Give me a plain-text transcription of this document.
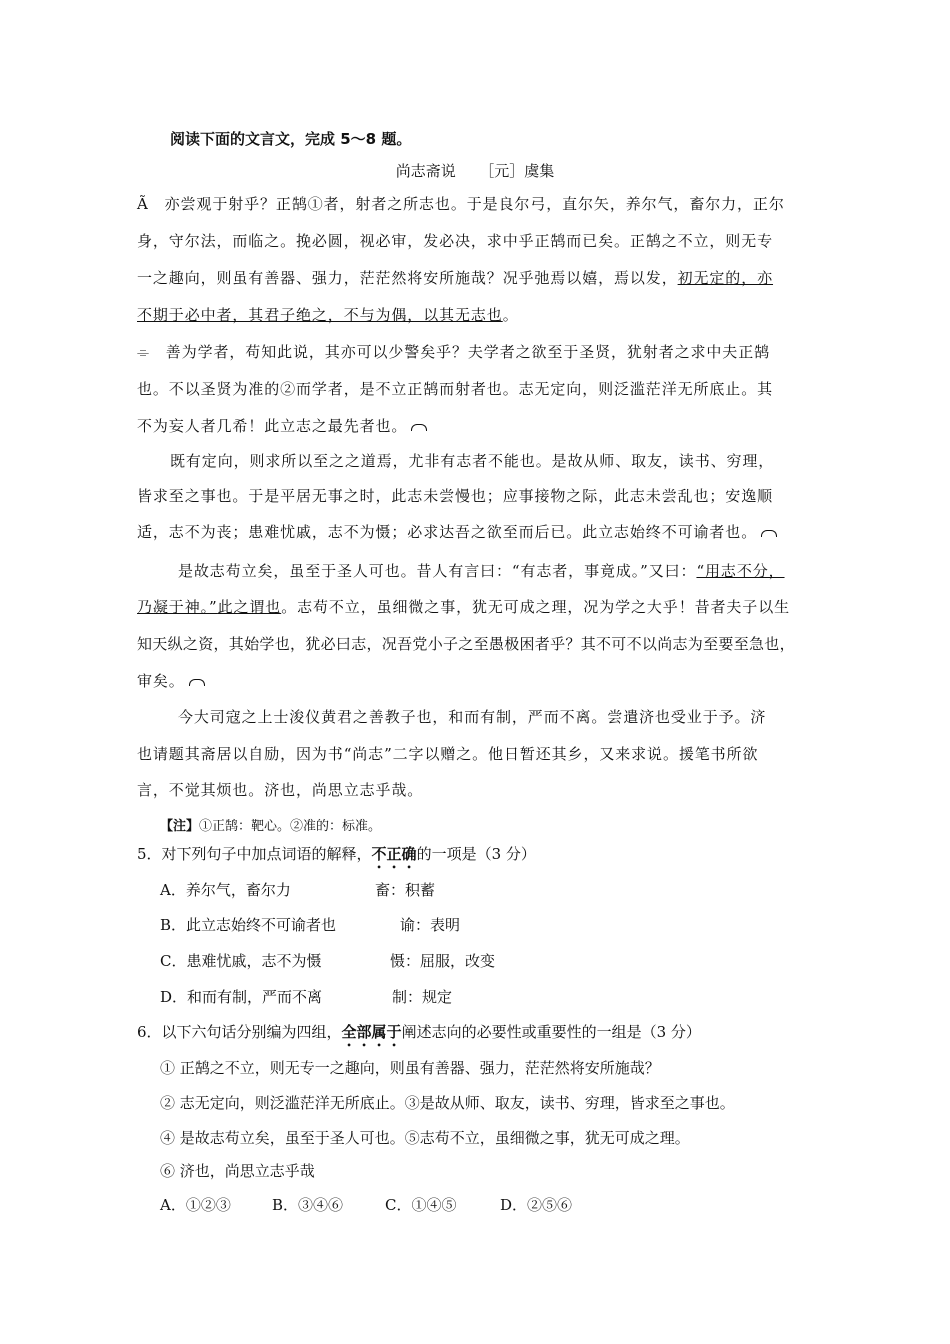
阅读下面的文言文，完成 5～8 题。
尚志斋说 ［元］虞集
Ã　亦尝观于射乎？正鹄①者，射者之所志也。于是良尔弓，直尔矢，养尔气，畜尔力，正尔
身，守尔法，而临之。挽必圆，视必审，发必决，求中乎正鹄而已矣。正鹄之不立，则无专
一之趣向，则虽有善器、强力，茫茫然将安所施哉？况乎弛焉以嬉，焉以发，初无定的，亦
不期于必中者，其君子绝之，不与为偶，以其无志也。
⌯　善为学者，苟知此说，其亦可以少警矣乎？夫学者之欲至于圣贤，犹射者之求中夫正鹄
也。不以圣贤为准的②而学者，是不立正鹄而射者也。志无定向，则泛滥茫洋无所底止。其
不为妄人者几希！此立志之最先者也。
既有定向，则求所以至之之道焉，尤非有志者不能也。是故从师、取友，读书、穷理，
皆求至之事也。于是平居无事之时，此志未尝慢也；应事接物之际，此志未尝乱也；安逸顺
适，志不为丧；患难忧戚，志不为慑；必求达吾之欲至而后已。此立志始终不可谕者也。
是故志苟立矣，虽至于圣人可也。昔人有言曰：“有志者，事竟成。”又曰：“用志不分，
乃凝于神。”此之谓也。志苟不立，虽细微之事，犹无可成之理，况为学之大乎！昔者夫子以生
知天纵之资，其始学也，犹必曰志，况吾党小子之至愚极困者乎？其不可不以尚志为至要至急也，
审矣。
今大司寇之上士浚仪黄君之善教子也，和而有制，严而不离。尝遣济也受业于予。济
也请题其斋居以自励，因为书“尚志”二字以赠之。他日暂还其乡，又来求说。援笔书所欲
言，不觉其烦也。济也，尚思立志乎哉。
【注】①正鹄：靶心。②准的：标准。
5．对下列句子中加点词语的解释，不正确的一项是（3 分）
A．养尔气，畜尔力	畜：积蓄
B．此立志始终不可谕者也	谕：表明
C．患难忧戚，志不为慑	慑：屈服，改变
D．和而有制，严而不离	制：规定
6．以下六句话分别编为四组，全部属于阐述志向的必要性或重要性的一组是（3 分）
① 正鹄之不立，则无专一之趣向，则虽有善器、强力，茫茫然将安所施哉？
② 志无定向，则泛滥茫洋无所底止。③是故从师、取友，读书、穷理，皆求至之事也。
④ 是故志苟立矣，虽至于圣人可也。⑤志苟不立，虽细微之事，犹无可成之理。
⑥ 济也，尚思立志乎哉
A．①②③	B．③④⑥	C．①④⑤	D．②⑤⑥
